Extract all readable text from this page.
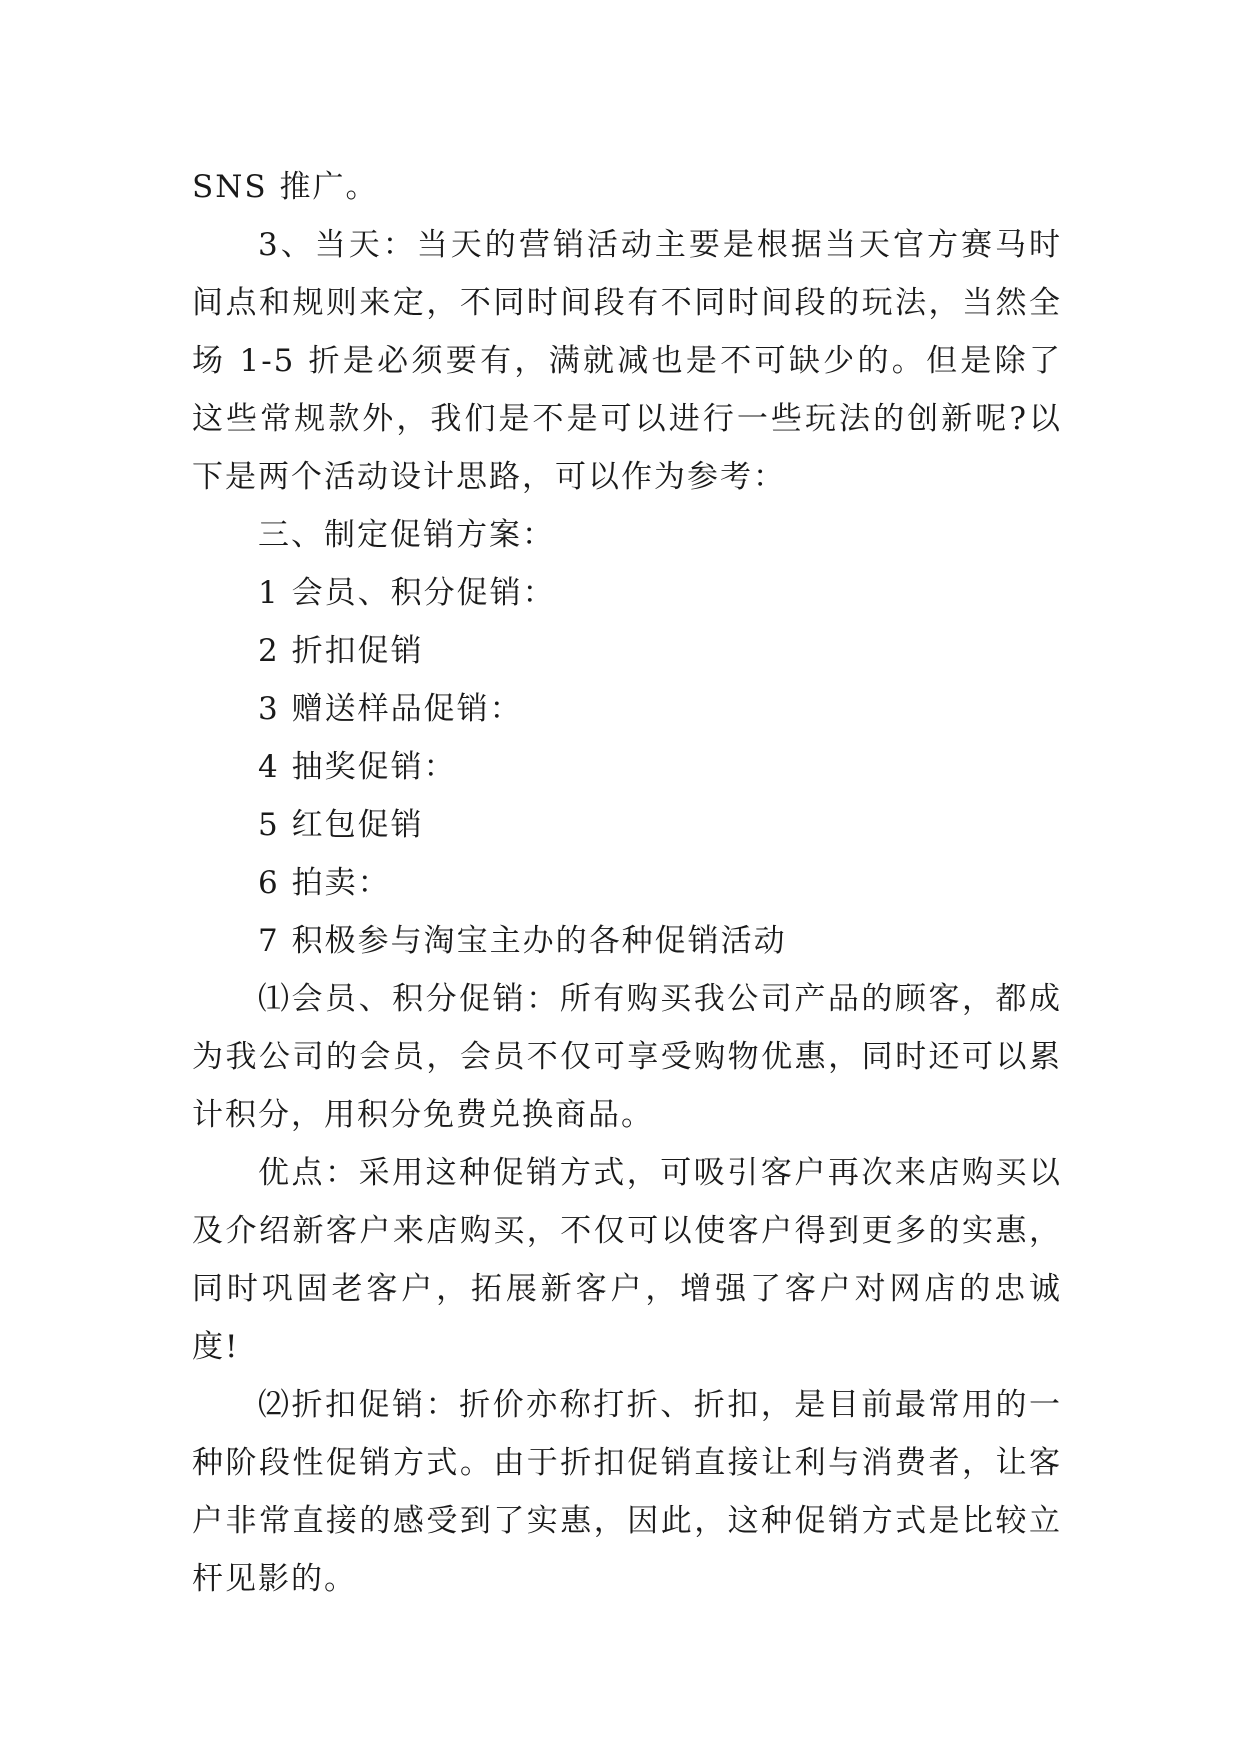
SNS 推广。

3、当天：当天的营销活动主要是根据当天官方赛马时间点和规则来定，不同时间段有不同时间段的玩法，当然全场 1-5 折是必须要有，满就减也是不可缺少的。但是除了这些常规款外，我们是不是可以进行一些玩法的创新呢?以下是两个活动设计思路，可以作为参考：

三、制定促销方案：

1 会员、积分促销：

2 折扣促销

3 赠送样品促销：

4 抽奖促销：

5 红包促销

6 拍卖：

7 积极参与淘宝主办的各种促销活动

⑴会员、积分促销：所有购买我公司产品的顾客，都成为我公司的会员，会员不仅可享受购物优惠，同时还可以累计积分，用积分免费兑换商品。

优点：采用这种促销方式，可吸引客户再次来店购买以及介绍新客户来店购买，不仅可以使客户得到更多的实惠，同时巩固老客户，拓展新客户，增强了客户对网店的忠诚度!

⑵折扣促销：折价亦称打折、折扣，是目前最常用的一种阶段性促销方式。由于折扣促销直接让利与消费者，让客户非常直接的感受到了实惠，因此，这种促销方式是比较立杆见影的。
